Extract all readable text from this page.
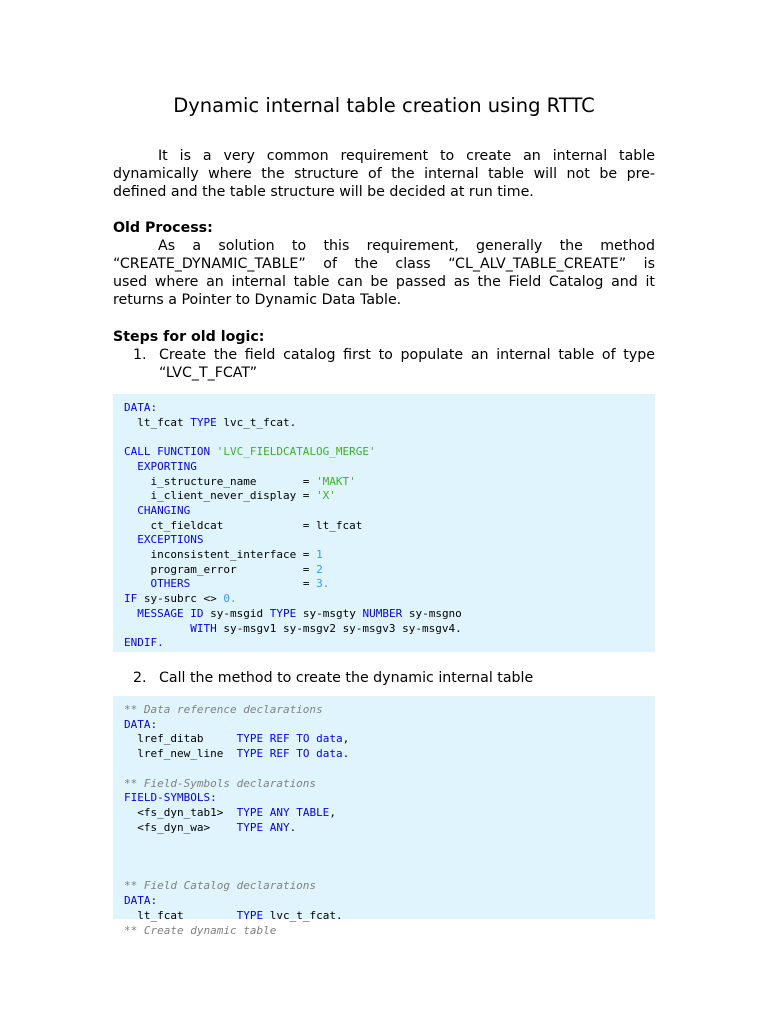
Dynamic internal table creation using RTTC
It is a very common requirement to create an internal table
dynamically where the structure of the internal table will not be pre-
defined and the table structure will be decided at run time.
Old Process:
As a solution to this requirement, generally the method
“CREATE_DYNAMIC_TABLE” of the class “CL_ALV_TABLE_CREATE” is
used where an internal table can be passed as the Field Catalog and it
returns a Pointer to Dynamic Data Table.
Steps for old logic:
1. Create the field catalog first to populate an internal table of type
“LVC_T_FCAT”
DATA:
lt_fcat TYPE lvc_t_fcat.

CALL FUNCTION 'LVC_FIELDCATALOG_MERGE'
EXPORTING
i_structure_name       = 'MAKT'
i_client_never_display = 'X'
CHANGING
ct_fieldcat            = lt_fcat
EXCEPTIONS
inconsistent_interface = 1
program_error          = 2
OTHERS                 = 3.
IF sy-subrc <> 0.
MESSAGE ID sy-msgid TYPE sy-msgty NUMBER sy-msgno
WITH sy-msgv1 sy-msgv2 sy-msgv3 sy-msgv4.
ENDIF.

2. Call the method to create the dynamic internal table
** Data reference declarations
DATA:
lref_ditab     TYPE REF TO data,
lref_new_line  TYPE REF TO data.

** Field-Symbols declarations
FIELD-SYMBOLS:
<fs_dyn_tab1>  TYPE ANY TABLE,
<fs_dyn_wa>    TYPE ANY.

** Field Catalog declarations
DATA:
lt_fcat        TYPE lvc_t_fcat.
** Create dynamic table
